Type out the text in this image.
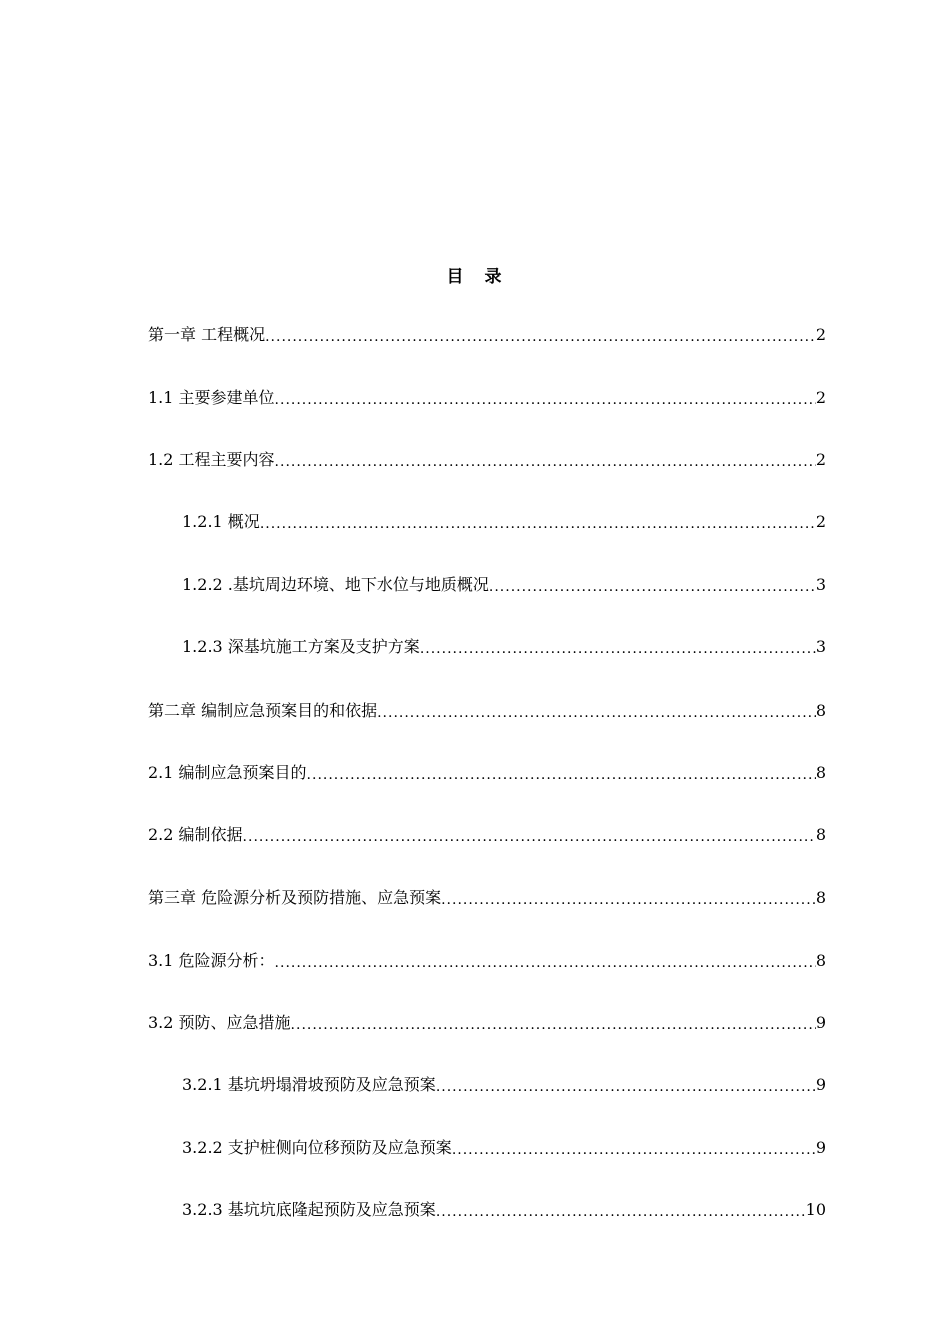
目　录
第一章 工程概况 .....	2
1.1 主要参建单位 .....	2
1.2 工程主要内容 .....	2
1.2.1 概况 .....	2
1.2.2 .基坑周边环境、地下水位与地质概况 .....	3
1.2.3 深基坑施工方案及支护方案 .....	3
第二章 编制应急预案目的和依据 .....	8
2.1 编制应急预案目的 .....	8
2.2 编制依据 .....	8
第三章 危险源分析及预防措施、应急预案 .....	8
3.1 危险源分析： .....	8
3.2 预防、应急措施 .....	9
3.2.1 基坑坍塌滑坡预防及应急预案 .....	9
3.2.2 支护桩侧向位移预防及应急预案 .....	9
3.2.3 基坑坑底隆起预防及应急预案 .....	10
